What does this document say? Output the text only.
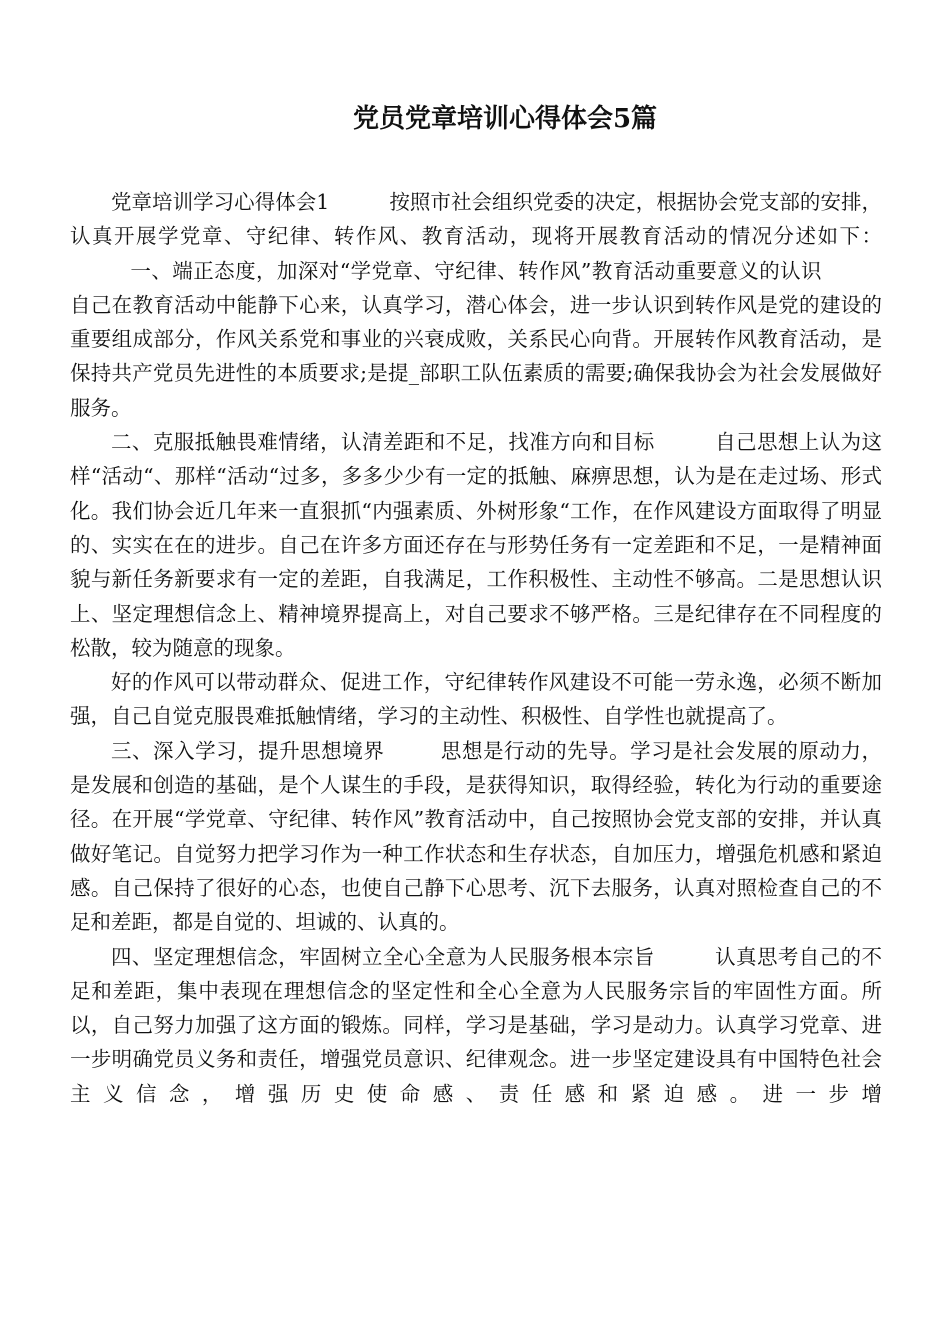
党员党章培训心得体会5篇

党章培训学习心得体会1	按照市社会组织党委的决定，根据协会党支部的安排，认真开展学党章、守纪律、转作风、教育活动，现将开展教育活动的情况分述如下：一、端正态度，加深对“学党章、守纪律、转作风”教育活动重要意义的认识自己在教育活动中能静下心来，认真学习，潜心体会，进一步认识到转作风是党的建设的重要组成部分，作风关系党和事业的兴衰成败，关系民心向背。开展转作风教育活动，是保持共产党员先进性的本质要求;是提_部职工队伍素质的需要;确保我协会为社会发展做好服务。

二、克服抵触畏难情绪，认清差距和不足，找准方向和目标	自己思想上认为这样“活动“、那样“活动“过多，多多少少有一定的抵触、麻痹思想，认为是在走过场、形式化。我们协会近几年来一直狠抓“内强素质、外树形象“工作，在作风建设方面取得了明显的、实实在在的进步。自己在许多方面还存在与形势任务有一定差距和不足，一是精神面貌与新任务新要求有一定的差距，自我满足，工作积极性、主动性不够高。二是思想认识上、坚定理想信念上、精神境界提高上，对自己要求不够严格。三是纪律存在不同程度的松散，较为随意的现象。

好的作风可以带动群众、促进工作，守纪律转作风建设不可能一劳永逸，必须不断加强，自己自觉克服畏难抵触情绪，学习的主动性、积极性、自学性也就提高了。

三、深入学习，提升思想境界	思想是行动的先导。学习是社会发展的原动力，是发展和创造的基础，是个人谋生的手段，是获得知识，取得经验，转化为行动的重要途径。在开展“学党章、守纪律、转作风”教育活动中，自己按照协会党支部的安排，并认真做好笔记。自觉努力把学习作为一种工作状态和生存状态，自加压力，增强危机感和紧迫感。自己保持了很好的心态，也使自己静下心思考、沉下去服务，认真对照检查自己的不足和差距，都是自觉的、坦诚的、认真的。

四、坚定理想信念，牢固树立全心全意为人民服务根本宗旨	认真思考自己的不足和差距，集中表现在理想信念的坚定性和全心全意为人民服务宗旨的牢固性方面。所以，自己努力加强了这方面的锻炼。同样，学习是基础，学习是动力。认真学习党章、进一步明确党员义务和责任，增强党员意识、纪律观念。进一步坚定建设具有中国特色社会主义信念，增强历史使命感、责任感和紧迫感。进一步增
